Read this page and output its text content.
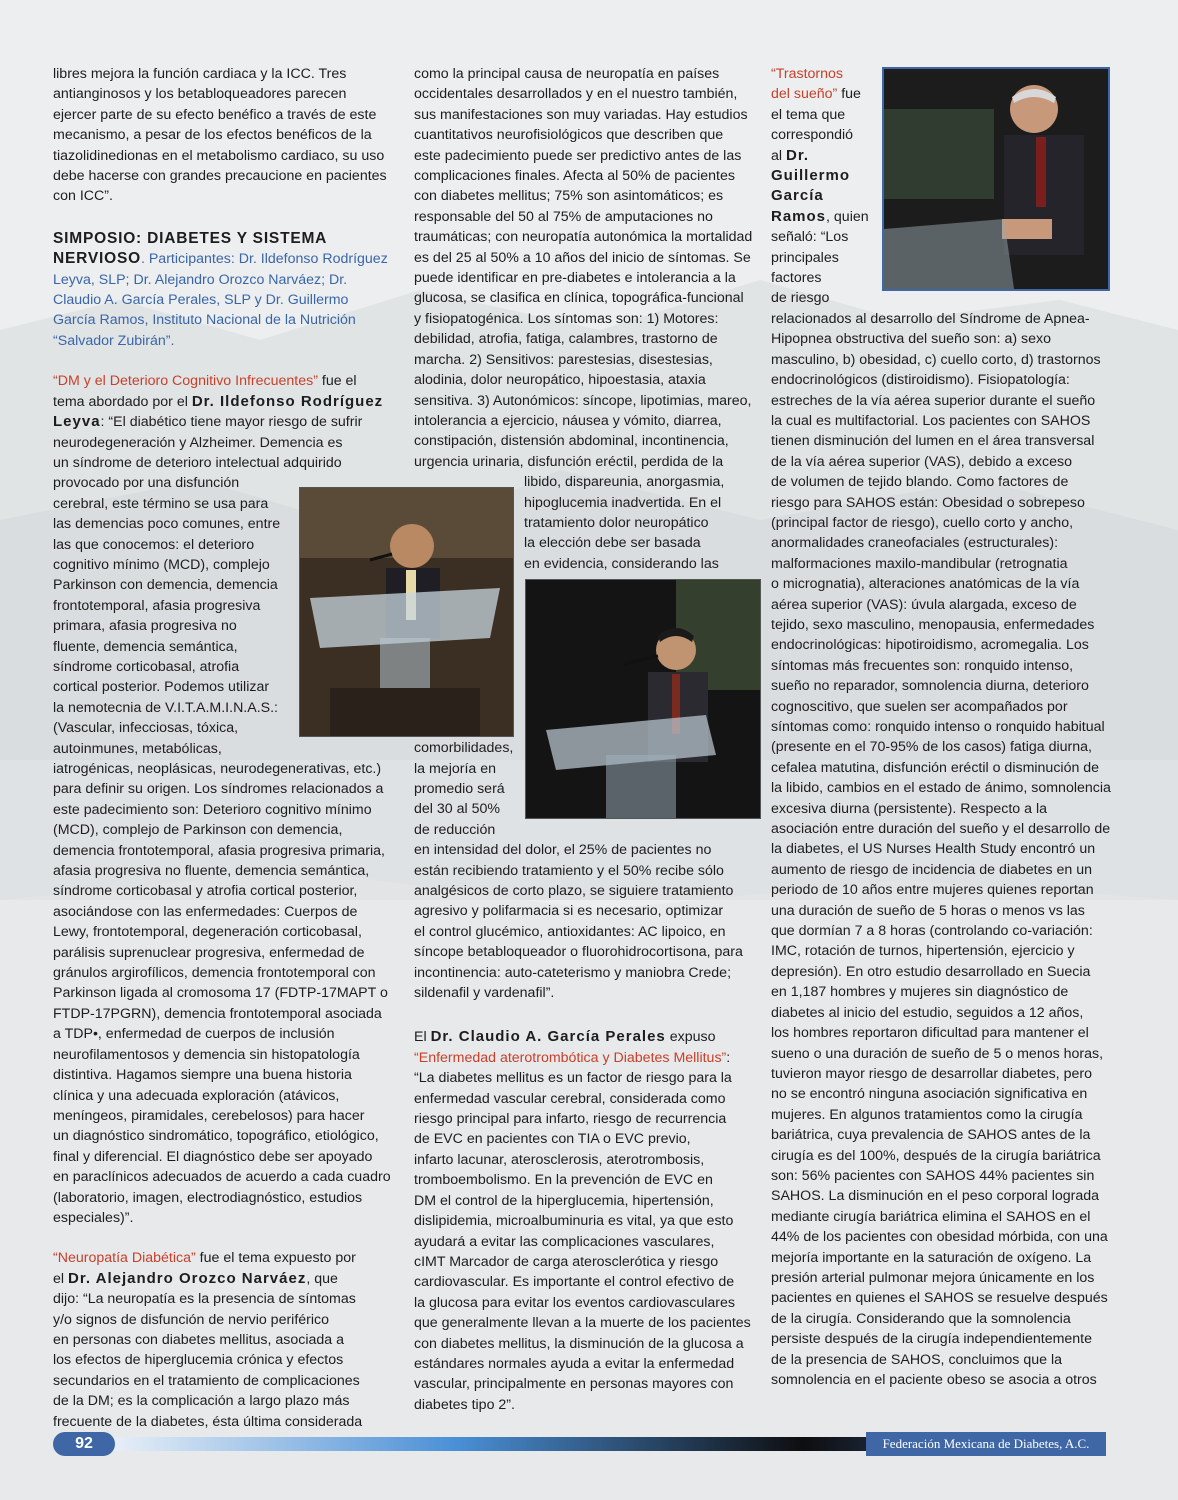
libres mejora la función cardiaca y la ICC. Tres

antianginosos y los betabloqueadores parecen

ejercer parte de su efecto benéfico a través de este

mecanismo, a pesar de los efectos benéficos de la

tiazolidinedionas en el metabolismo cardiaco, su uso

debe hacerse con grandes precaucione en pacientes

con ICC”.

SIMPOSIO: DIABETES Y SISTEMA

NERVIOSO. Participantes: Dr. Ildefonso Rodríguez

Leyva, SLP; Dr. Alejandro Orozco Narváez; Dr.

Claudio A. García Perales, SLP y Dr. Guillermo

García Ramos, Instituto Nacional de la Nutrición

“Salvador Zubirán”.

“DM y el Deterioro Cognitivo Infrecuentes” fue el

tema abordado por el Dr. Ildefonso Rodríguez

Leyva: “El diabético tiene mayor riesgo de sufrir

neurodegeneración y Alzheimer. Demencia es

un síndrome de deterioro intelectual adquirido

provocado por una disfunción

cerebral, este término se usa para

las demencias poco comunes, entre

las que conocemos: el deterioro

cognitivo mínimo (MCD), complejo

Parkinson con demencia, demencia

frontotemporal, afasia progresiva

primara, afasia progresiva no

fluente, demencia semántica,

síndrome corticobasal, atrofia

cortical posterior. Podemos utilizar

la nemotecnia de V.I.T.A.M.I.N.A.S.:

(Vascular, infecciosas, tóxica,

autoinmunes, metabólicas,

iatrogénicas, neoplásicas, neurodegenerativas, etc.)

para definir su origen. Los síndromes relacionados a

este padecimiento son: Deterioro cognitivo mínimo

(MCD), complejo de Parkinson con demencia,

demencia frontotemporal, afasia progresiva primaria,

afasia progresiva no fluente, demencia semántica,

síndrome corticobasal y atrofia cortical posterior,

asociándose con las enfermedades: Cuerpos de

Lewy, frontotemporal, degeneración corticobasal,

parálisis suprenuclear progresiva, enfermedad de

gránulos argirofílicos, demencia frontotemporal con

Parkinson ligada al cromosoma 17 (FDTP-17MAPT o

FTDP-17PGRN), demencia frontotemporal asociada

a TDP•, enfermedad de cuerpos de inclusión

neurofilamentosos y demencia sin histopatología

distintiva. Hagamos siempre una buena historia

clínica y una adecuada exploración (atávicos,

meníngeos, piramidales, cerebelosos) para hacer

un diagnóstico sindromático, topográfico, etiológico,

final y diferencial. El diagnóstico debe ser apoyado

en paraclínicos adecuados de acuerdo a cada cuadro

(laboratorio, imagen, electrodiagnóstico, estudios

especiales)”.

“Neuropatía Diabética” fue el tema expuesto por

el Dr. Alejandro Orozco Narváez, que

dijo: “La neuropatía es la presencia de síntomas

y/o signos de disfunción de nervio periférico

en personas con diabetes mellitus, asociada a

los efectos de hiperglucemia crónica y efectos

secundarios en el tratamiento de complicaciones

de la DM; es la complicación a largo plazo más

frecuente de la diabetes, ésta última considerada

como la principal causa de neuropatía en países

occidentales desarrollados y en el nuestro también,

sus manifestaciones son muy variadas. Hay estudios

cuantitativos neurofisiológicos que describen que

este padecimiento puede ser predictivo antes de las

complicaciones finales. Afecta al 50% de pacientes

con diabetes mellitus; 75% son asintomáticos; es

responsable del 50 al 75% de amputaciones no

traumáticas; con neuropatía autonómica la mortalidad

es del 25 al 50% a 10 años del inicio de síntomas. Se

puede identificar en pre-diabetes e intolerancia a la

glucosa, se clasifica en clínica, topográfica-funcional

y fisiopatogénica. Los síntomas son: 1) Motores:

debilidad, atrofia, fatiga, calambres, trastorno de

marcha. 2) Sensitivos: parestesias, disestesias,

alodinia, dolor neuropático, hipoestasia, ataxia

sensitiva. 3) Autonómicos: síncope, lipotimias, mareo,

intolerancia a ejercicio, náusea y vómito, diarrea,

constipación, distensión abdominal, incontinencia,

urgencia urinaria, disfunción eréctil, perdida de la

libido, dispareunia, anorgasmia,

hipoglucemia inadvertida. En el

tratamiento dolor neuropático

la elección debe ser basada

en evidencia, considerando las

comorbilidades,

la mejoría en

promedio será

del 30 al 50%

de reducción

en intensidad del dolor, el 25% de pacientes no

están recibiendo tratamiento y el 50% recibe sólo

analgésicos de corto plazo, se siguiere tratamiento

agresivo y polifarmacia si es necesario, optimizar

el control glucémico, antioxidantes: AC lipoico, en

síncope betabloqueador o fluorohidrocortisona, para

incontinencia: auto-cateterismo y maniobra Crede;

sildenafil y vardenafil”.

El Dr. Claudio A. García Perales expuso

“Enfermedad aterotrombótica y Diabetes Mellitus”:

“La diabetes mellitus es un factor de riesgo para la

enfermedad vascular cerebral, considerada como

riesgo principal para infarto, riesgo de recurrencia

de EVC en pacientes con TIA o EVC previo,

infarto lacunar, aterosclerosis, aterotrombosis,

tromboembolismo. En la prevención de EVC en

DM el control de la hiperglucemia, hipertensión,

dislipidemia, microalbuminuria es vital, ya que esto

ayudará a evitar las complicaciones vasculares,

cIMT Marcador de carga aterosclerótica y riesgo

cardiovascular. Es importante el control efectivo de

la glucosa para evitar los eventos cardiovasculares

que generalmente llevan a la muerte de los pacientes

con diabetes mellitus, la disminución de la glucosa a

estándares normales ayuda a evitar la enfermedad

vascular, principalmente en personas mayores con

diabetes tipo 2”.

“Trastornos

del sueño” fue

el tema que

correspondió

al Dr.

Guillermo

García

Ramos, quien

señaló: “Los

principales

factores

de riesgo

relacionados al desarrollo del Síndrome de Apnea-

Hipopnea obstructiva del sueño son: a) sexo

masculino, b) obesidad, c) cuello corto, d) trastornos

endocrinológicos (distiroidismo). Fisiopatología:

estreches de la vía aérea superior durante el sueño

la cual es multifactorial. Los pacientes con SAHOS

tienen disminución del lumen en el área transversal

de la vía aérea superior (VAS), debido a exceso

de volumen de tejido blando. Como factores de

riesgo para SAHOS están: Obesidad o sobrepeso

(principal factor de riesgo), cuello corto y ancho,

anormalidades craneofaciales (estructurales):

malformaciones maxilo-mandibular (retrognatia

o micrognatia), alteraciones anatómicas de la vía

aérea superior (VAS): úvula alargada, exceso de

tejido, sexo masculino, menopausia, enfermedades

endocrinológicas: hipotiroidismo, acromegalia. Los

síntomas más frecuentes son: ronquido intenso,

sueño no reparador, somnolencia diurna, deterioro

cognoscitivo, que suelen ser acompañados por

síntomas como: ronquido intenso o ronquido habitual

(presente en el 70-95% de los casos) fatiga diurna,

cefalea matutina, disfunción eréctil o disminución de

la libido, cambios en el estado de ánimo, somnolencia

excesiva diurna (persistente). Respecto a la

asociación entre duración del sueño y el desarrollo de

la diabetes, el US Nurses Health Study encontró un

aumento de riesgo de incidencia de diabetes en un

periodo de 10 años entre mujeres quienes reportan

una duración de sueño de 5 horas o menos vs las

que dormían 7 a 8 horas (controlando co-variación:

IMC, rotación de turnos, hipertensión, ejercicio y

depresión). En otro estudio desarrollado en Suecia

en 1,187 hombres y mujeres sin diagnóstico de

diabetes al inicio del estudio, seguidos a 12 años,

los hombres reportaron dificultad para mantener el

sueno o una duración de sueño de 5 o menos horas,

tuvieron mayor riesgo de desarrollar diabetes, pero

no se encontró ninguna asociación significativa en

mujeres. En algunos tratamientos como la cirugía

bariátrica, cuya prevalencia de SAHOS antes de la

cirugía es del 100%, después de la cirugía bariátrica

son: 56% pacientes con SAHOS 44% pacientes sin

SAHOS. La disminución en el peso corporal lograda

mediante cirugía bariátrica elimina el SAHOS en el

44% de los pacientes con obesidad mórbida, con una

mejoría importante en la saturación de oxígeno. La

presión arterial pulmonar mejora únicamente en los

pacientes en quienes el SAHOS se resuelve después

de la cirugía. Considerando que la somnolencia

persiste después de la cirugía independientemente

de la presencia de SAHOS, concluimos que la

somnolencia en el paciente obeso se asocia a otros

92	Federación Mexicana de Diabetes, A.C.
